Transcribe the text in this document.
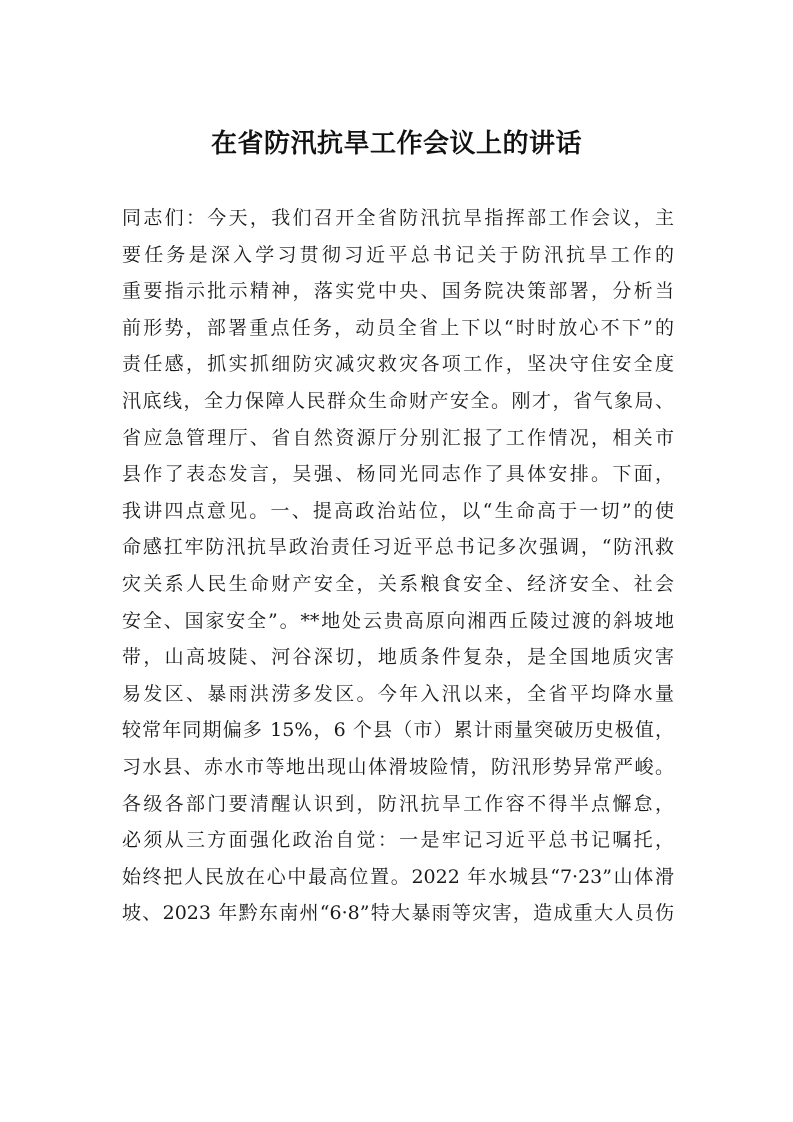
在省防汛抗旱工作会议上的讲话
同志们：今天，我们召开全省防汛抗旱指挥部工作会议，主
要任务是深入学习贯彻习近平总书记关于防汛抗旱工作的
重要指示批示精神，落实党中央、国务院决策部署，分析当
前形势，部署重点任务，动员全省上下以“时时放心不下”的
责任感，抓实抓细防灾减灾救灾各项工作，坚决守住安全度
汛底线，全力保障人民群众生命财产安全。刚才，省气象局、
省应急管理厅、省自然资源厅分别汇报了工作情况，相关市
县作了表态发言，吴强、杨同光同志作了具体安排。下面，
我讲四点意见。一、提高政治站位，以“生命高于一切”的使
命感扛牢防汛抗旱政治责任习近平总书记多次强调，“防汛救
灾关系人民生命财产安全，关系粮食安全、经济安全、社会
安全、国家安全”。**地处云贵高原向湘西丘陵过渡的斜坡地
带，山高坡陡、河谷深切，地质条件复杂，是全国地质灾害
易发区、暴雨洪涝多发区。今年入汛以来，全省平均降水量
较常年同期偏多 15%，6 个县（市）累计雨量突破历史极值，
习水县、赤水市等地出现山体滑坡险情，防汛形势异常严峻。
各级各部门要清醒认识到，防汛抗旱工作容不得半点懈怠，
必须从三方面强化政治自觉：一是牢记习近平总书记嘱托，
始终把人民放在心中最高位置。2022 年水城县“7·23”山体滑
坡、2023 年黔东南州“6·8”特大暴雨等灾害，造成重大人员伤
